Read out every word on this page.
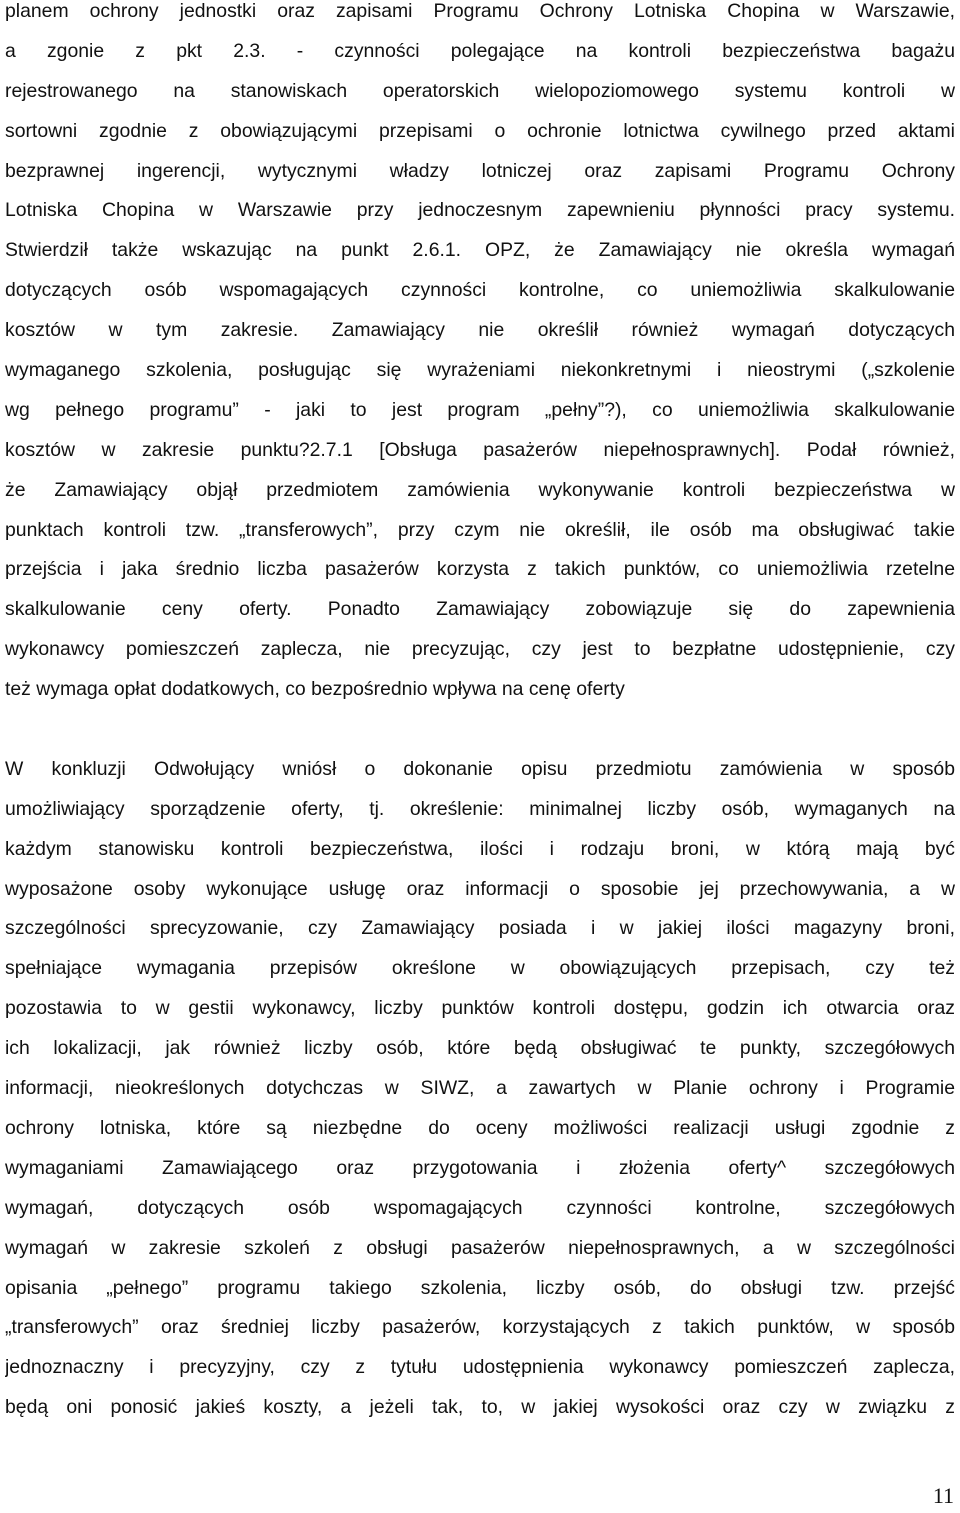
planem ochrony jednostki oraz zapisami Programu Ochrony Lotniska Chopina w Warszawie,
a zgonie z pkt 2.3. - czynności polegające na kontroli bezpieczeństwa bagażu
rejestrowanego na stanowiskach operatorskich wielopoziomowego systemu kontroli w
sortowni zgodnie z obowiązującymi przepisami o ochronie lotnictwa cywilnego przed aktami
bezprawnej ingerencji, wytycznymi władzy lotniczej oraz zapisami Programu Ochrony
Lotniska Chopina w Warszawie przy jednoczesnym zapewnieniu płynności pracy systemu.
Stwierdził także wskazując na punkt 2.6.1. OPZ, że Zamawiający nie określa wymagań
dotyczących osób wspomagających czynności kontrolne, co uniemożliwia skalkulowanie
kosztów w tym zakresie. Zamawiający nie określił również wymagań dotyczących
wymaganego szkolenia, posługując się wyrażeniami niekonkretnymi i nieostrymi („szkolenie
wg pełnego programu” - jaki to jest program „pełny”?), co uniemożliwia skalkulowanie
kosztów w zakresie punktu?2.7.1 [Obsługa pasażerów niepełnosprawnych]. Podał również,
że Zamawiający objął przedmiotem zamówienia wykonywanie kontroli bezpieczeństwa w
punktach kontroli tzw. „transferowych”, przy czym nie określił, ile osób ma obsługiwać takie
przejścia i jaka średnio liczba pasażerów korzysta z takich punktów, co uniemożliwia rzetelne
skalkulowanie ceny oferty. Ponadto Zamawiający zobowiązuje się do zapewnienia
wykonawcy pomieszczeń zaplecza, nie precyzując, czy jest to bezpłatne udostępnienie, czy
też wymaga opłat dodatkowych, co bezpośrednio wpływa na cenę oferty
W konkluzji Odwołujący wniósł o dokonanie opisu przedmiotu zamówienia w sposób
umożliwiający sporządzenie oferty, tj. określenie: minimalnej liczby osób, wymaganych na
każdym stanowisku kontroli bezpieczeństwa, ilości i rodzaju broni, w którą mają być
wyposażone osoby wykonujące usługę oraz informacji o sposobie jej przechowywania, a w
szczególności sprecyzowanie, czy Zamawiający posiada i w jakiej ilości magazyny broni,
spełniające wymagania przepisów określone w obowiązujących przepisach, czy też
pozostawia to w gestii wykonawcy, liczby punktów kontroli dostępu, godzin ich otwarcia oraz
ich lokalizacji, jak również liczby osób, które będą obsługiwać te punkty, szczegółowych
informacji, nieokreślonych dotychczas w SIWZ, a zawartych w Planie ochrony i Programie
ochrony lotniska, które są niezbędne do oceny możliwości realizacji usługi zgodnie z
wymaganiami Zamawiającego oraz przygotowania i złożenia oferty^ szczegółowych
wymagań, dotyczących osób wspomagających czynności kontrolne, szczegółowych
wymagań w zakresie szkoleń z obsługi pasażerów niepełnosprawnych, a w szczególności
opisania „pełnego” programu takiego szkolenia, liczby osób, do obsługi tzw. przejść
„transferowych” oraz średniej liczby pasażerów, korzystających z takich punktów, w sposób
jednoznaczny i precyzyjny, czy z tytułu udostępnienia wykonawcy pomieszczeń zaplecza,
będą oni ponosić jakieś koszty, a jeżeli tak, to, w jakiej wysokości oraz czy w związku z
11
